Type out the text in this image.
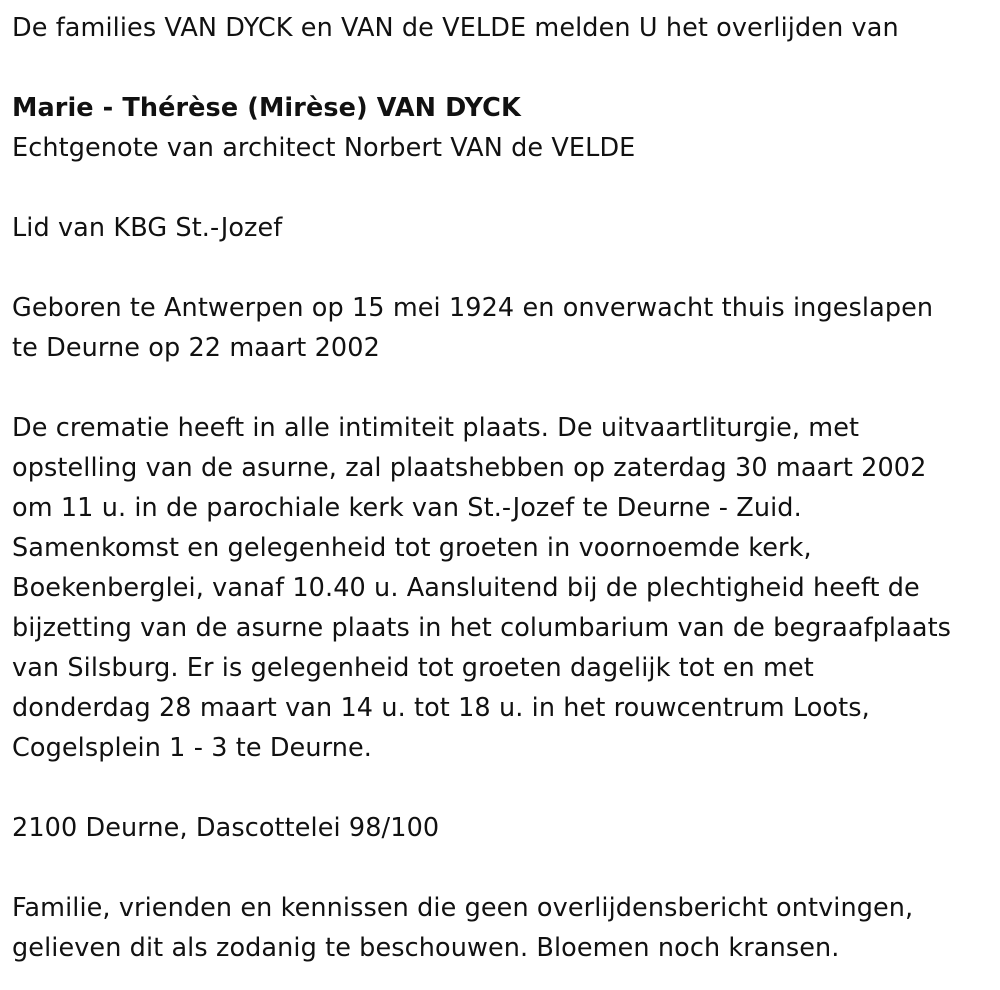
De families VAN DYCK en VAN de VELDE melden U het overlijden van

Marie - Thérèse (Mirèse) VAN DYCK

Echtgenote van architect Norbert VAN de VELDE

Lid van KBG St.-Jozef

Geboren te Antwerpen op 15 mei 1924 en onverwacht thuis ingeslapen

te Deurne op 22 maart 2002

De crematie heeft in alle intimiteit plaats. De uitvaartliturgie, met

opstelling van de asurne, zal plaatshebben op zaterdag 30 maart 2002

om 11 u. in de parochiale kerk van St.-Jozef te Deurne - Zuid.

Samenkomst en gelegenheid tot groeten in voornoemde kerk,

Boekenberglei, vanaf 10.40 u. Aansluitend bij de plechtigheid heeft de

bijzetting van de asurne plaats in het columbarium van de begraafplaats

van Silsburg. Er is gelegenheid tot groeten dagelijk tot en met

donderdag 28 maart van 14 u. tot 18 u. in het rouwcentrum Loots,

Cogelsplein 1 - 3 te Deurne.

2100 Deurne, Dascottelei 98/100

Familie, vrienden en kennissen die geen overlijdensbericht ontvingen,

gelieven dit als zodanig te beschouwen. Bloemen noch kransen.
